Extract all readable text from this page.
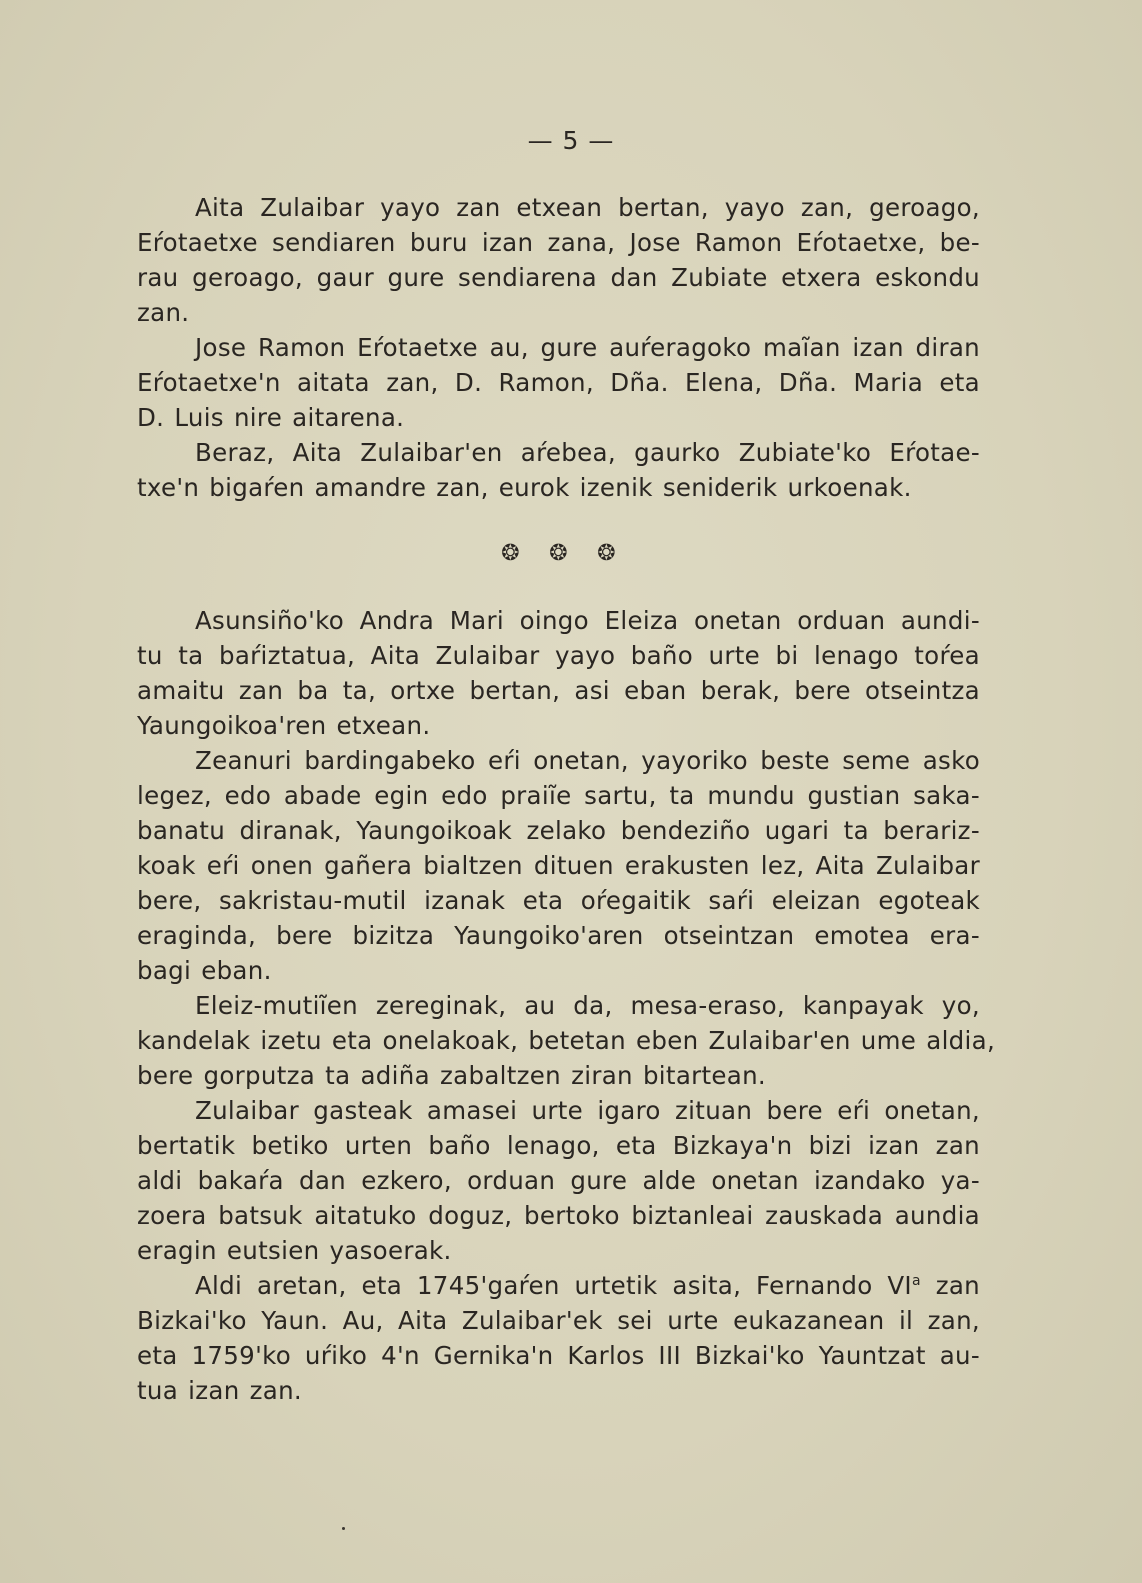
— 5 —

Aita Zulaibar yayo zan etxean bertan, yayo zan, geroago,
Eŕotaetxe sendiaren buru izan zana, Jose Ramon Eŕotaetxe, be-
rau geroago, gaur gure sendiarena dan Zubiate etxera eskondu
zan.

Jose Ramon Eŕotaetxe au, gure auŕeragoko maĩan izan diran
Eŕotaetxe'n aitata zan, D. Ramon, Dña. Elena, Dña. Maria eta
D. Luis nire aitarena.

Beraz, Aita Zulaibar'en aŕebea, gaurko Zubiate'ko Eŕotae-
txe'n bigaŕen amandre zan, eurok izenik seniderik urkoenak.

❂ ❂ ❂

Asunsiño'ko Andra Mari oingo Eleiza onetan orduan aundi-
tu ta baŕiztatua, Aita Zulaibar yayo baño urte bi lenago toŕea
amaitu zan ba ta, ortxe bertan, asi eban berak, bere otseintza
Yaungoikoa'ren etxean.

Zeanuri bardingabeko eŕi onetan, yayoriko beste seme asko
legez, edo abade egin edo praiĩe sartu, ta mundu gustian saka-
banatu diranak, Yaungoikoak zelako bendeziño ugari ta berariz-
koak eŕi onen gañera bialtzen dituen erakusten lez, Aita Zulaibar
bere, sakristau-mutil izanak eta oŕegaitik saŕi eleizan egoteak
eraginda, bere bizitza Yaungoiko'aren otseintzan emotea era-
bagi eban.

Eleiz-mutiĩen zereginak, au da, mesa-eraso, kanpayak yo,
kandelak izetu eta onelakoak, betetan eben Zulaibar'en ume aldia,
bere gorputza ta adiña zabaltzen ziran bitartean.

Zulaibar gasteak amasei urte igaro zituan bere eŕi onetan,
bertatik betiko urten baño lenago, eta Bizkaya'n bizi izan zan
aldi bakaŕa dan ezkero, orduan gure alde onetan izandako ya-
zoera batsuk aitatuko doguz, bertoko biztanleai zauskada aundia
eragin eutsien yasoerak.

Aldi aretan, eta 1745'gaŕen urtetik asita, Fernando $VI^a$ zan
Bizkai'ko Yaun. Au, Aita Zulaibar'ek sei urte eukazanean il zan,
eta 1759'ko uŕiko 4'n Gernika'n Karlos III Bizkai'ko Yauntzat au-
tua izan zan.
